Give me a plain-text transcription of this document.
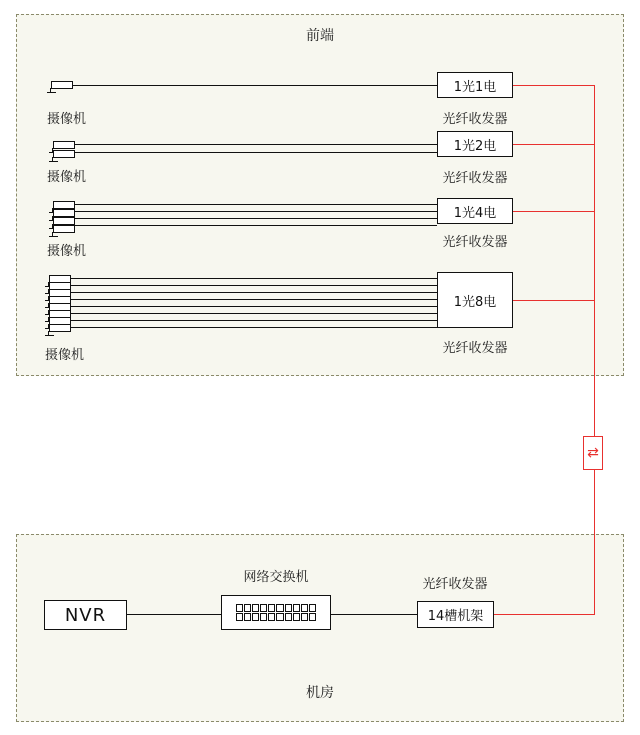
前端
机房
摄像机
1光1电
光纤收发器
摄像机
1光2电
光纤收发器
摄像机
1光4电
光纤收发器
摄像机
1光8电
光纤收发器
⇄
NVR
网络交换机
14槽机架
光纤收发器
